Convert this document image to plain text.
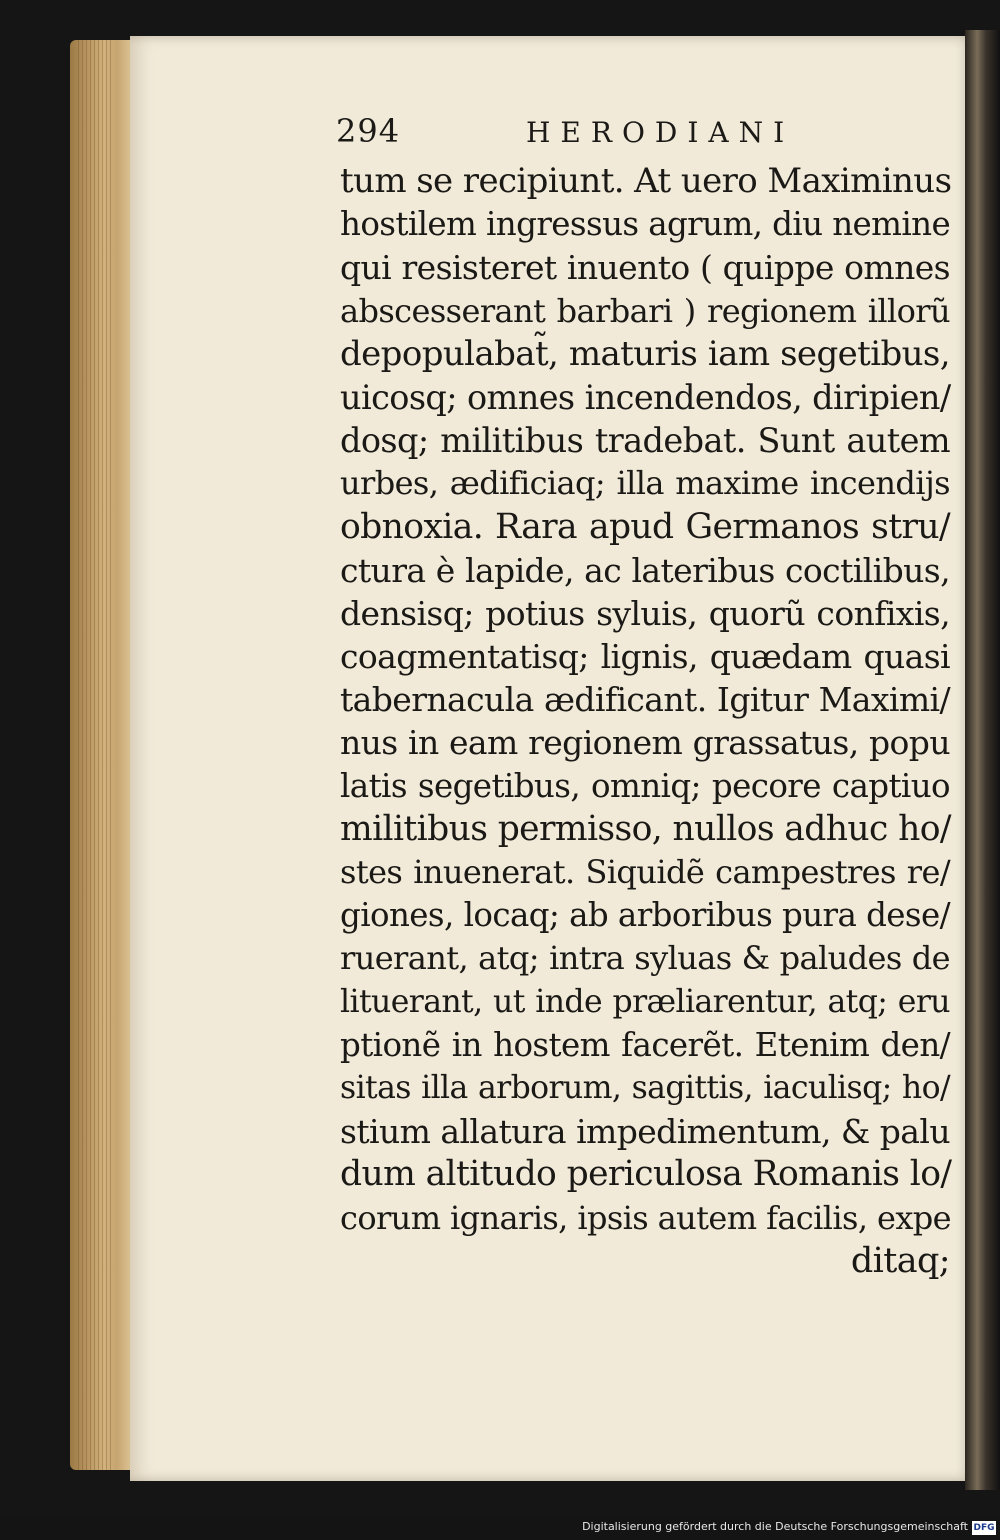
294	HERODIANI
tum se recipiunt. At uero Maximinus
hostilem ingressus agrum, diu nemine
qui resisteret inuento ( quippe omnes
abscesserant barbari ) regionem illorũ
depopulabat̃, maturis iam segetibus,
uicosq; omnes incendendos, diripien/
dosq; militibus tradebat. Sunt autem
urbes, ædificiaq; illa maxime incendijs
obnoxia. Rara apud Germanos stru/
ctura è lapide, ac lateribus coctilibus,
densisq; potius syluis, quorũ confixis,
coagmentatisq; lignis, quædam quasi
tabernacula ædificant. Igitur Maximi/
nus in eam regionem grassatus, popu
latis segetibus, omniq; pecore captiuo
militibus permisso, nullos adhuc ho/
stes inuenerat. Siquidẽ campestres re/
giones, locaq; ab arboribus pura dese/
ruerant, atq; intra syluas & paludes de
lituerant, ut inde præliarentur, atq; eru
ptionẽ in hostem facerẽt. Etenim den/
sitas illa arborum, sagittis, iaculisq; ho/
stium allatura impedimentum, & palu
dum altitudo periculosa Romanis lo/
corum ignaris, ipsis autem facilis, expe
ditaq;
Digitalisierung gefördert durch die Deutsche Forschungsgemeinschaft DFG
